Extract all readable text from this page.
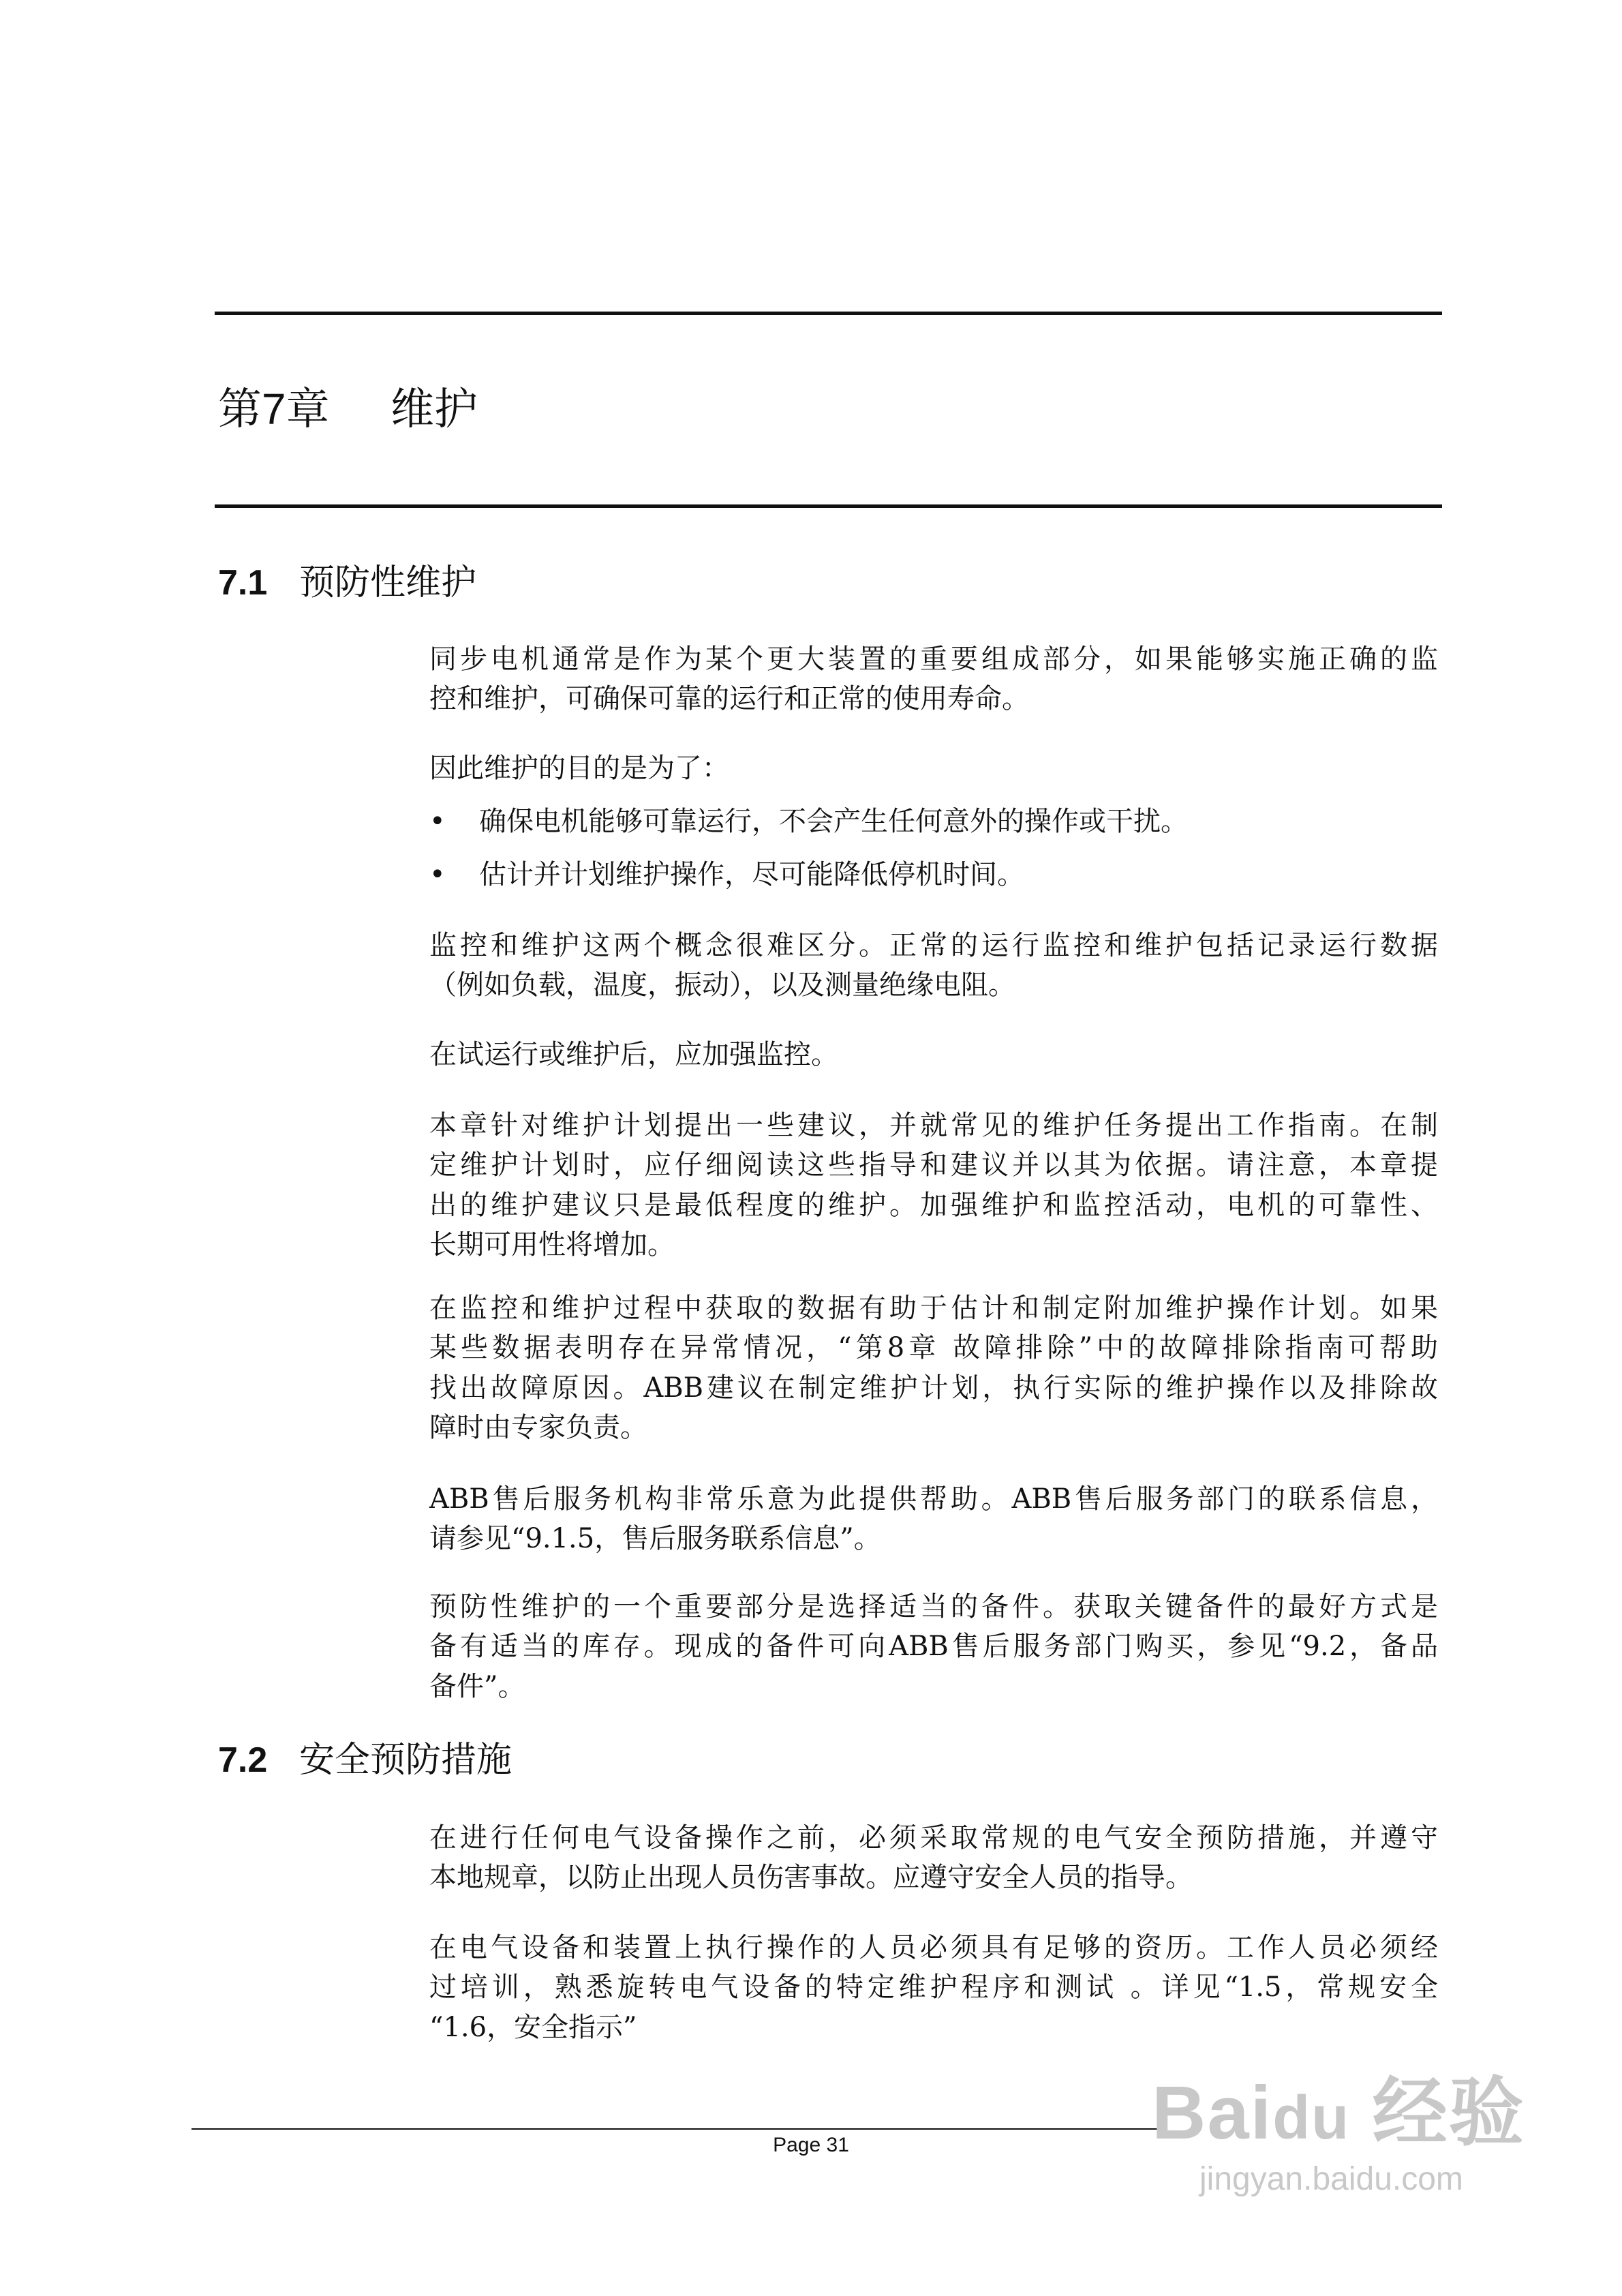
第7章 维护
7.1 预防性维护
7.2 安全预防措施
• 确保电机能够可靠运行，不会产生任何意外的操作或干扰。
• 估计并计划维护操作，尽可能降低停机时间。
同步电机通常是作为某个更大装置的重要组成部分，如果能够实施正确的监
控和维护，可确保可靠的运行和正常的使用寿命。
因此维护的目的是为了：
监控和维护这两个概念很难区分。正常的运行监控和维护包括记录运行数据
（例如负载，温度，振动），以及测量绝缘电阻。
在试运行或维护后，应加强监控。
本章针对维护计划提出一些建议，并就常见的维护任务提出工作指南。在制
定维护计划时，应仔细阅读这些指导和建议并以其为依据。请注意，本章提
出的维护建议只是最低程度的维护。加强维护和监控活动，电机的可靠性、
长期可用性将增加。
在监控和维护过程中获取的数据有助于估计和制定附加维护操作计划。如果
某些数据表明存在异常情况，“第8章 故障排除”中的故障排除指南可帮助
找出故障原因。ABB建议在制定维护计划，执行实际的维护操作以及排除故
障时由专家负责。
ABB售后服务机构非常乐意为此提供帮助。ABB售后服务部门的联系信息，
请参见“9.1.5，售后服务联系信息”。
预防性维护的一个重要部分是选择适当的备件。获取关键备件的最好方式是
备有适当的库存。现成的备件可向ABB售后服务部门购买，参见“9.2，备品
备件”。
在进行任何电气设备操作之前，必须采取常规的电气安全预防措施，并遵守
本地规章，以防止出现人员伤害事故。应遵守安全人员的指导。
在电气设备和装置上执行操作的人员必须具有足够的资历。工作人员必须经
过培训，熟悉旋转电气设备的特定维护程序和测试 。详见“1.5，常规安全
“1.6，安全指示”
Page 31	Baidu 经验
jingyan.baidu.com
